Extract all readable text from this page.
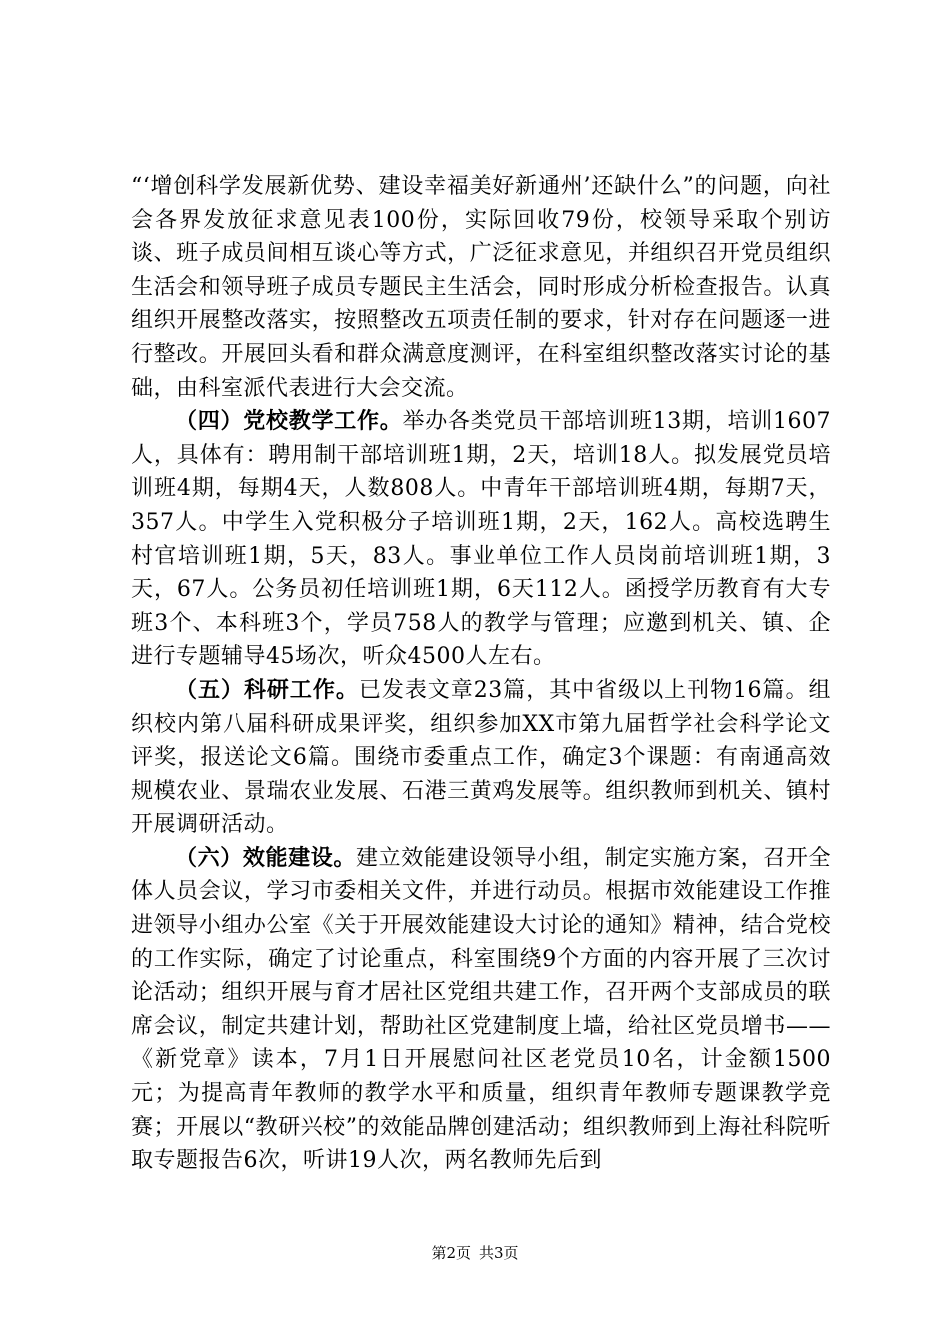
“‘增创科学发展新优势、建设幸福美好新通州’还缺什么”的问题，向社会各界发放征求意见表100份，实际回收79份，校领导采取个别访谈、班子成员间相互谈心等方式，广泛征求意见，并组织召开党员组织生活会和领导班子成员专题民主生活会，同时形成分析检查报告。认真组织开展整改落实，按照整改五项责任制的要求，针对存在问题逐一进行整改。开展回头看和群众满意度测评，在科室组织整改落实讨论的基础，由科室派代表进行大会交流。

（四）党校教学工作。举办各类党员干部培训班13期，培训1607人，具体有：聘用制干部培训班1期，2天，培训18人。拟发展党员培训班4期，每期4天，人数808人。中青年干部培训班4期，每期7天，357人。中学生入党积极分子培训班1期，2天，162人。高校选聘生村官培训班1期，5天，83人。事业单位工作人员岗前培训班1期，3天，67人。公务员初任培训班1期，6天112人。函授学历教育有大专班3个、本科班3个，学员758人的教学与管理；应邀到机关、镇、企进行专题辅导45场次，听众4500人左右。

（五）科研工作。已发表文章23篇，其中省级以上刊物16篇。组织校内第八届科研成果评奖，组织参加XX市第九届哲学社会科学论文评奖，报送论文6篇。围绕市委重点工作，确定3个课题：有南通高效规模农业、景瑞农业发展、石港三黄鸡发展等。组织教师到机关、镇村开展调研活动。

（六）效能建设。建立效能建设领导小组，制定实施方案，召开全体人员会议，学习市委相关文件，并进行动员。根据市效能建设工作推进领导小组办公室《关于开展效能建设大讨论的通知》精神，结合党校的工作实际，确定了讨论重点，科室围绕9个方面的内容开展了三次讨论活动；组织开展与育才居社区党组共建工作，召开两个支部成员的联席会议，制定共建计划，帮助社区党建制度上墙，给社区党员增书——《新党章》读本，7月1日开展慰问社区老党员10名，计金额1500元；为提高青年教师的教学水平和质量，组织青年教师专题课教学竞赛；开展以“教研兴校”的效能品牌创建活动；组织教师到上海社科院听取专题报告6次，听讲19人次，两名教师先后到

第2页 共3页
